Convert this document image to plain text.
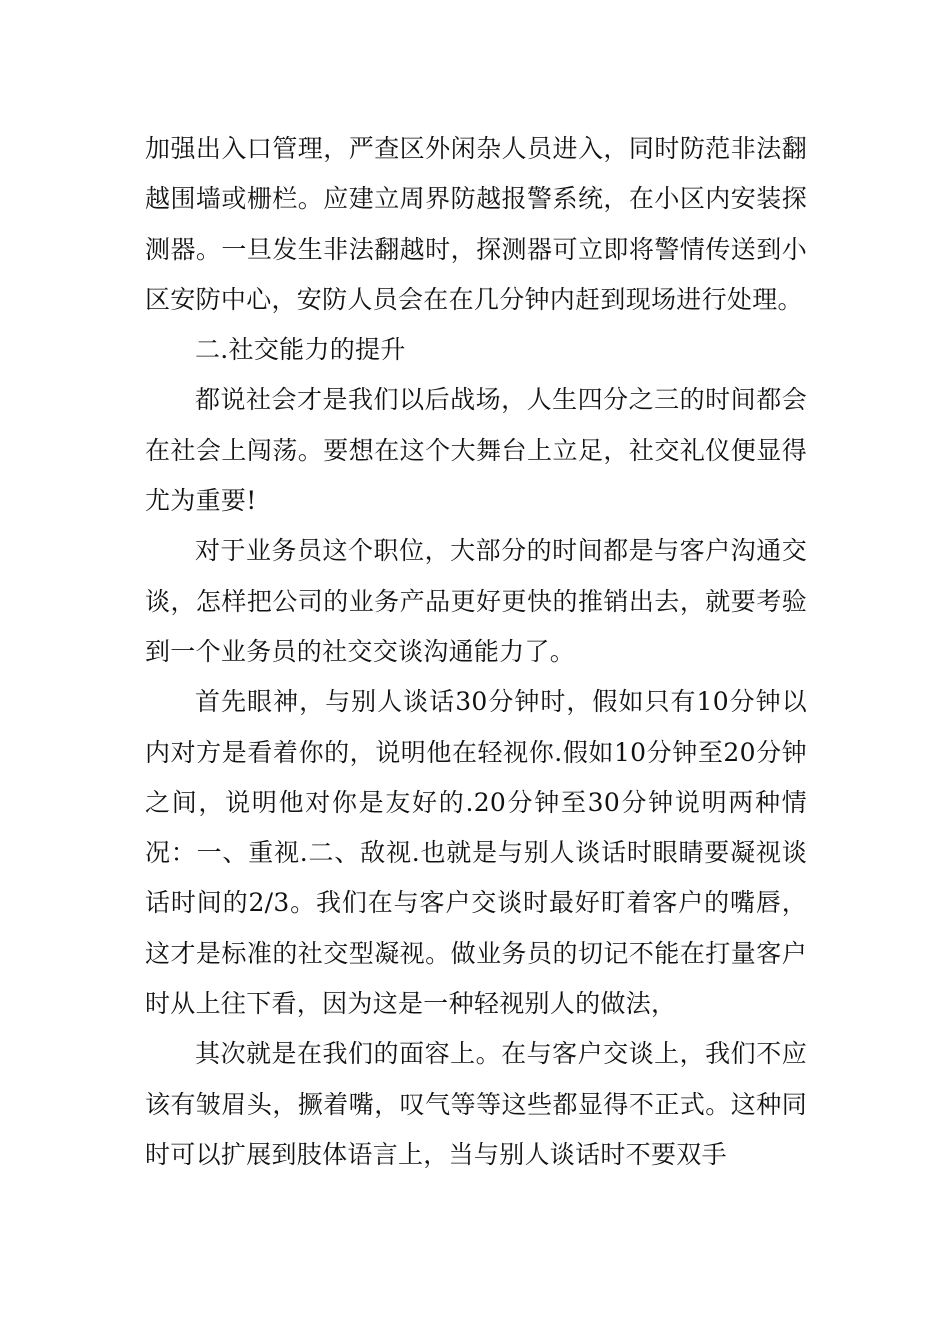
加强出入口管理，严查区外闲杂人员进入，同时防范非法翻越围墙或栅栏。应建立周界防越报警系统，在小区内安装探测器。一旦发生非法翻越时，探测器可立即将警情传送到小区安防中心，安防人员会在在几分钟内赶到现场进行处理。

二.社交能力的提升

都说社会才是我们以后战场，人生四分之三的时间都会在社会上闯荡。要想在这个大舞台上立足，社交礼仪便显得尤为重要!

对于业务员这个职位，大部分的时间都是与客户沟通交谈，怎样把公司的业务产品更好更快的推销出去，就要考验到一个业务员的社交交谈沟通能力了。

首先眼神，与别人谈话30分钟时，假如只有10分钟以内对方是看着你的，说明他在轻视你.假如10分钟至20分钟之间，说明他对你是友好的.20分钟至30分钟说明两种情况：一、重视.二、敌视.也就是与别人谈话时眼睛要凝视谈话时间的2/3。我们在与客户交谈时最好盯着客户的嘴唇，这才是标准的社交型凝视。做业务员的切记不能在打量客户时从上往下看，因为这是一种轻视别人的做法，

其次就是在我们的面容上。在与客户交谈上，我们不应该有皱眉头，撅着嘴，叹气等等这些都显得不正式。这种同时可以扩展到肢体语言上，当与别人谈话时不要双手
